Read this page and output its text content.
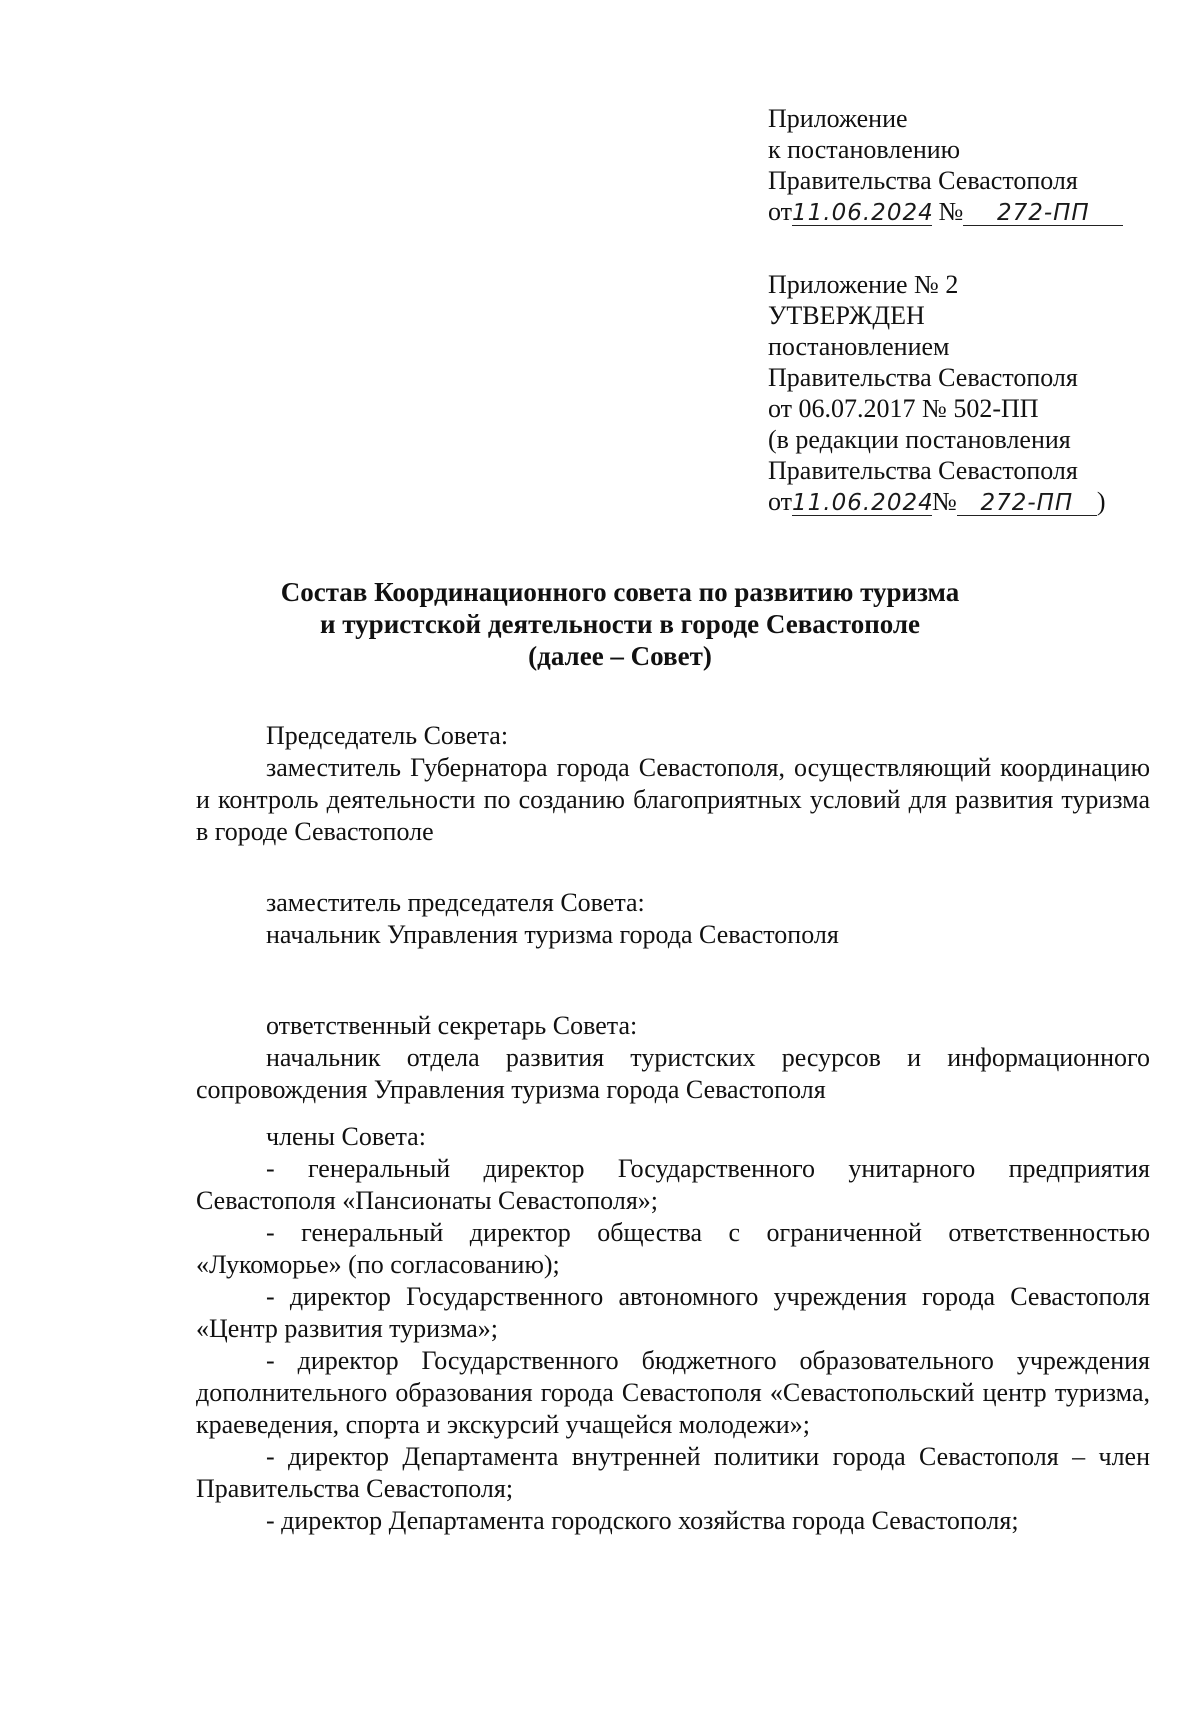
Приложение
к постановлению
Правительства Севастополя
от11.06.2024 № 272-ПП
Приложение № 2
УТВЕРЖДЕН
постановлением
Правительства Севастополя
от 06.07.2017 № 502-ПП
(в редакции постановления
Правительства Севастополя
от11.06.2024№ 272-ПП )
Состав Координационного совета по развитию туризма
и туристской деятельности в городе Севастополе
(далее – Совет)

Председатель Совета:

заместитель Губернатора города Севастополя, осуществляющий координацию и контроль деятельности по созданию благоприятных условий для развития туризма в городе Севастополе

заместитель председателя Совета:

начальник Управления туризма города Севастополя

ответственный секретарь Совета:

начальник отдела развития туристских ресурсов и информационного сопровождения Управления туризма города Севастополя

члены Совета:

- генеральный директор Государственного унитарного предприятия Севастополя «Пансионаты Севастополя»;

- генеральный директор общества с ограниченной ответственностью «Лукоморье» (по согласованию);

- директор Государственного автономного учреждения города Севастополя «Центр развития туризма»;

- директор Государственного бюджетного образовательного учреждения дополнительного образования города Севастополя «Севастопольский центр туризма, краеведения, спорта и экскурсий учащейся молодежи»;

- директор Департамента внутренней политики города Севастополя – член Правительства Севастополя;

- директор Департамента городского хозяйства города Севастополя;
